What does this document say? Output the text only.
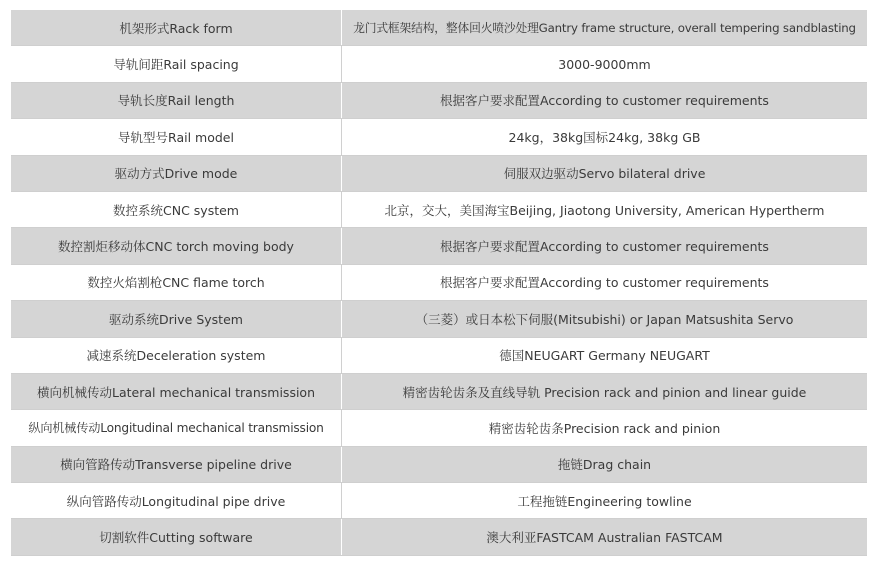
机架形式Rack form	龙门式框架结构，整体回火喷沙处理Gantry frame structure, overall tempering sandblasting
导轨间距Rail spacing	3000-9000mm
导轨长度Rail length	根据客户要求配置According to customer requirements
导轨型号Rail model	24kg，38kg国标24kg, 38kg GB
驱动方式Drive mode	伺服双边驱动Servo bilateral drive
数控系统CNC system	北京，交大，美国海宝Beijing, Jiaotong University, American Hypertherm
数控割炬移动体CNC torch moving body	根据客户要求配置According to customer requirements
数控火焰割枪CNC flame torch	根据客户要求配置According to customer requirements
驱动系统Drive System	（三菱）或日本松下伺服(Mitsubishi) or Japan Matsushita Servo
减速系统Deceleration system	德国NEUGART Germany NEUGART
横向机械传动Lateral mechanical transmission	精密齿轮齿条及直线导轨 Precision rack and pinion and linear guide
纵向机械传动Longitudinal mechanical transmission	精密齿轮齿条Precision rack and pinion
横向管路传动Transverse pipeline drive	拖链Drag chain
纵向管路传动Longitudinal pipe drive	工程拖链Engineering towline
切割软件Cutting software	澳大利亚FASTCAM Australian FASTCAM
